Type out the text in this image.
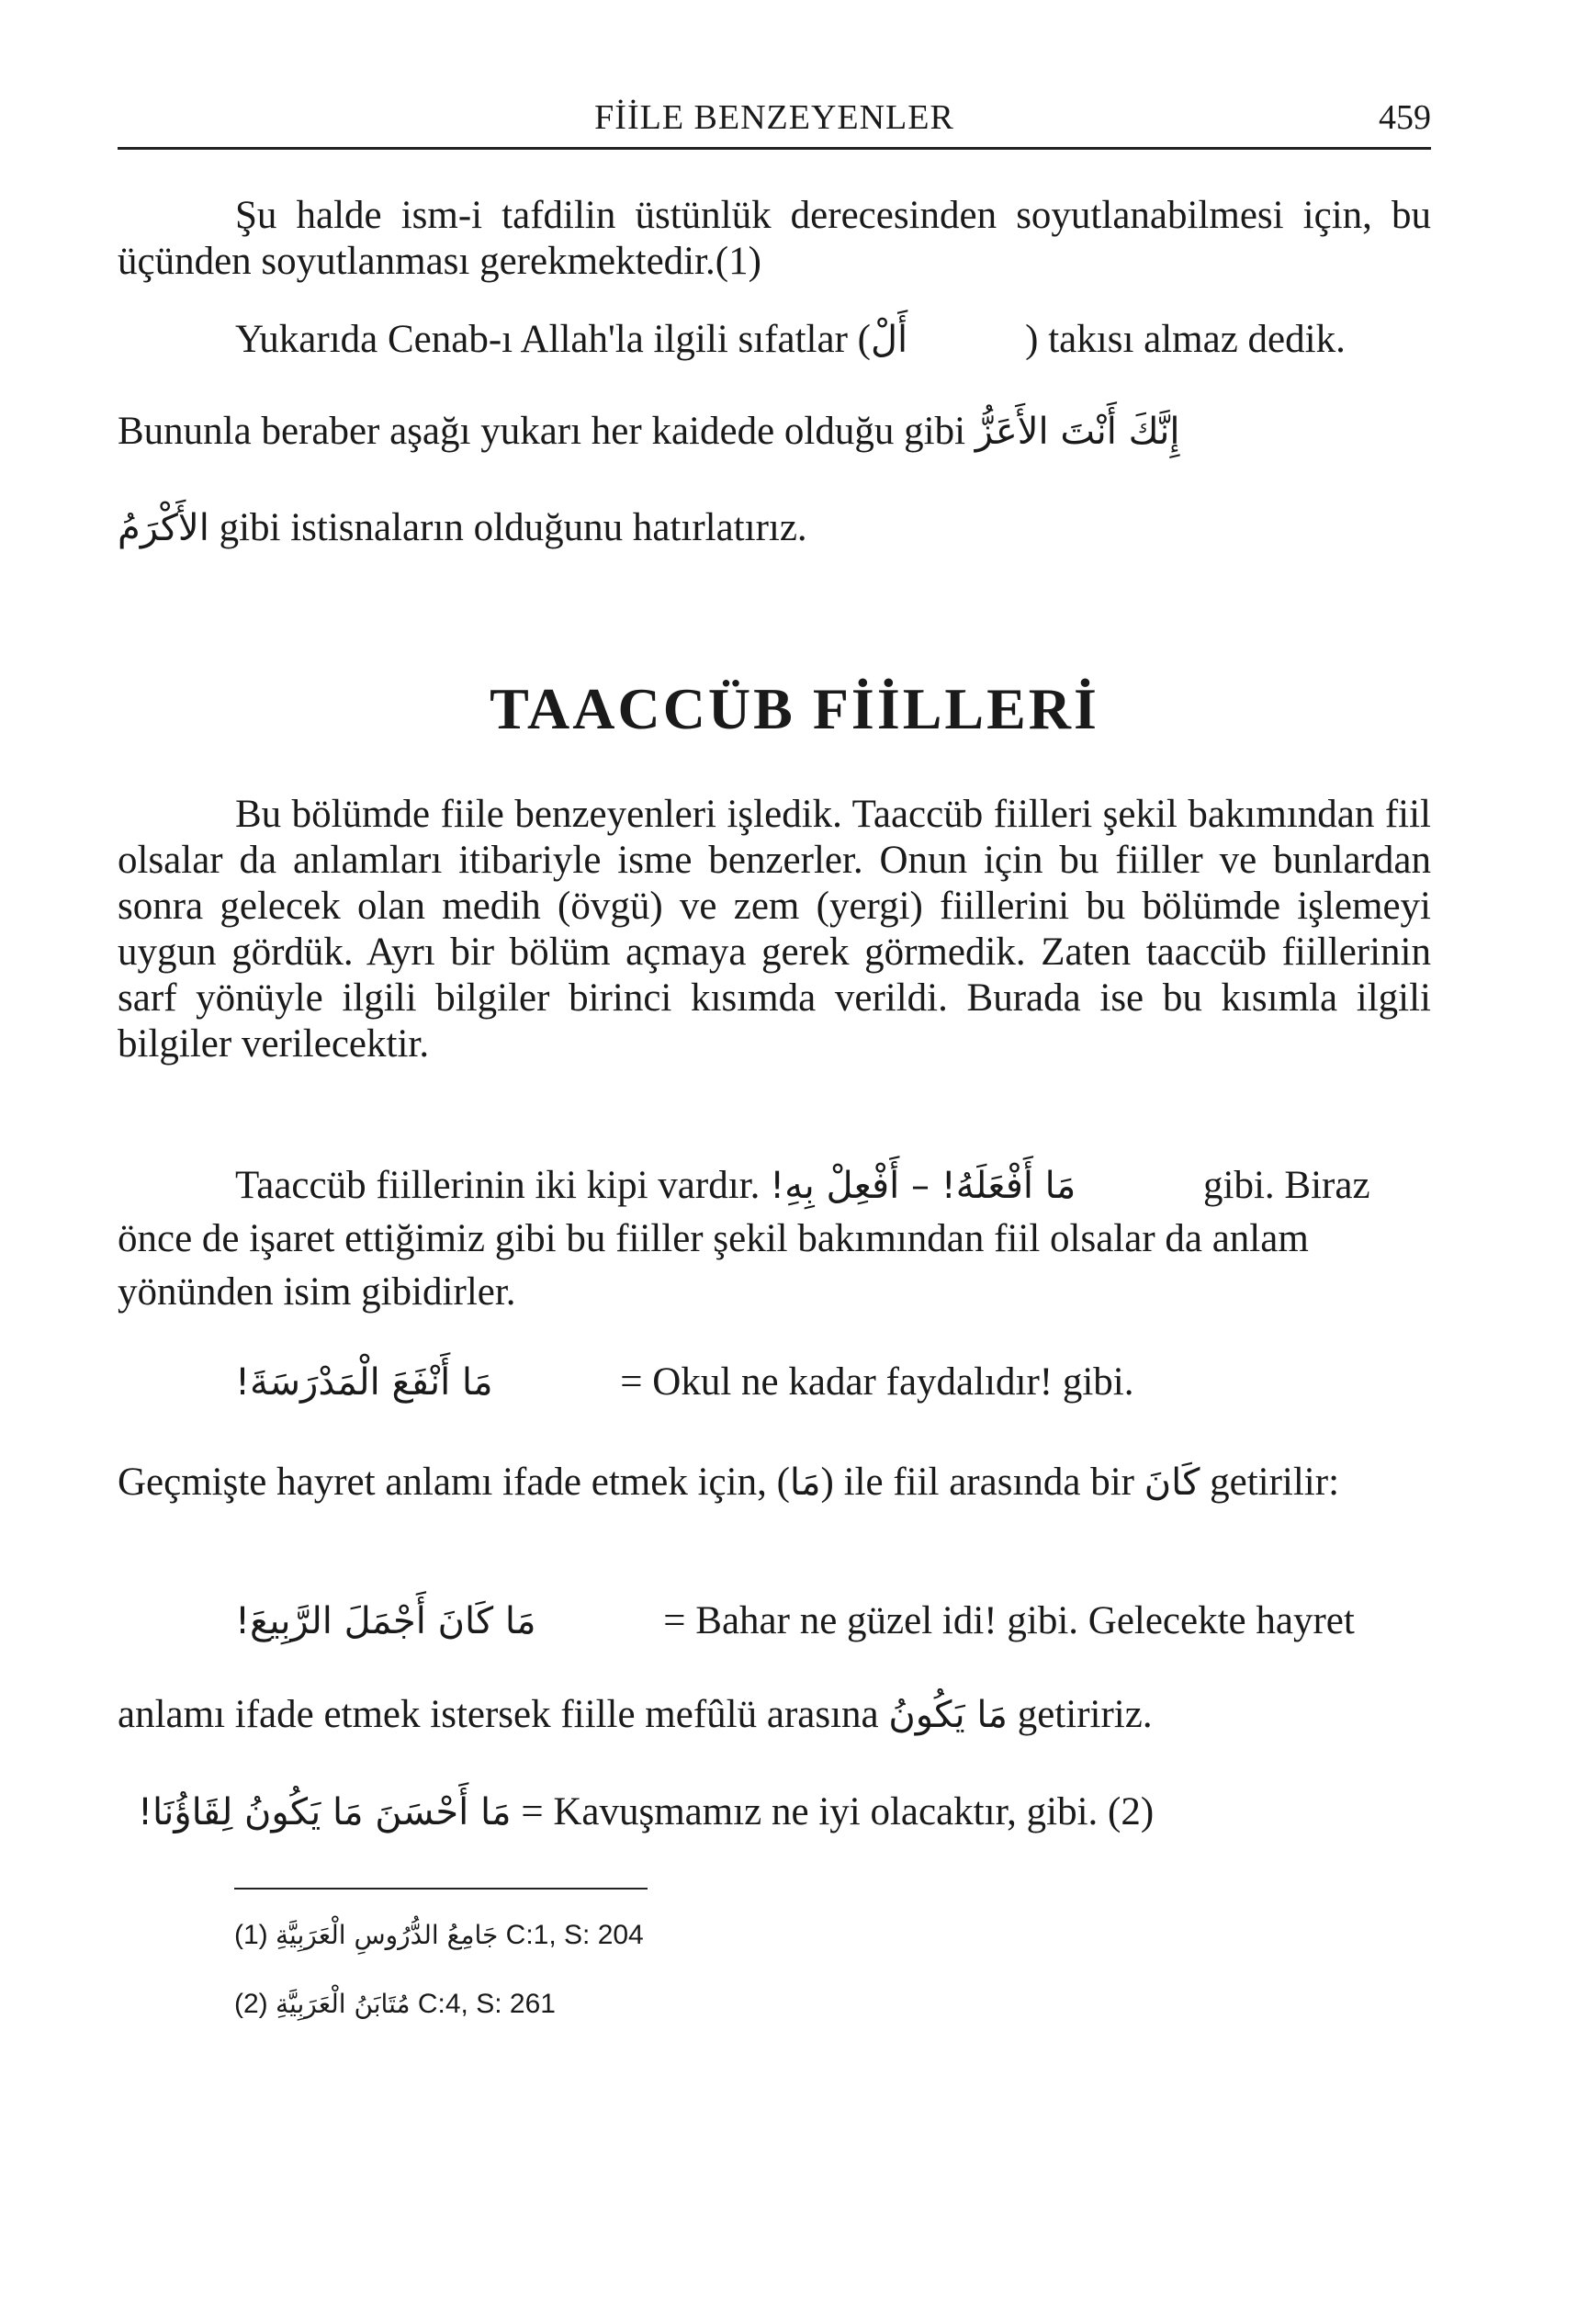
FİİLE BENZEYENLER	459
Şu halde ism-i tafdilin üstünlük derecesinden soyutlanabilmesi için, bu üçünden soyutlanması gerekmektedir.(1)
Yukarıda Cenab-ı Allah'la ilgili sıfatlar (أَلْ	) takısı almaz dedik.
Bununla beraber aşağı yukarı her kaidede olduğu gibi إِنَّكَ أَنْتَ الأَعَزُّ
الأَكْرَمُ gibi istisnaların olduğunu hatırlatırız.
TAACCÜB FİİLLERİ
Bu bölümde fiile benzeyenleri işledik. Taaccüb fiilleri şekil bakımından fiil olsalar da anlamları itibariyle isme benzerler. Onun için bu fiiller ve bunlardan sonra gelecek olan medih (övgü) ve zem (yergi) fiillerini bu bölümde işlemeyi uygun gördük. Ayrı bir bölüm açmaya gerek görmedik. Zaten taaccüb fiillerinin sarf yönüyle ilgili bilgiler birinci kısımda verildi. Burada ise bu kısımla ilgili bilgiler verilecektir.
Taaccüb fiillerinin iki kipi vardır. مَا أَفْعَلَهُ! – أَفْعِلْ بِهِ!	gibi. Biraz önce de işaret ettiğimiz gibi bu fiiller şekil bakımından fiil olsalar da anlam yönünden isim gibidirler.
مَا أَنْفَعَ الْمَدْرَسَةَ!	= Okul ne kadar faydalıdır! gibi.
Geçmişte hayret anlamı ifade etmek için, (مَا) ile fiil arasında bir كَانَ getirilir:
مَا كَانَ أَجْمَلَ الرَّبِيعَ!	= Bahar ne güzel idi! gibi. Gelecekte hayret
anlamı ifade etmek istersek fiille mefûlü arasına مَا يَكُونُ getiririz.
مَا أَحْسَنَ مَا يَكُونُ لِقَاؤُنَا! = Kavuşmamız ne iyi olacaktır, gibi. (2)
(1) جَامِعُ الدُّرُوسِ الْعَرَبِيَّةِ C:1, S: 204
(2) مُتَابَنُ الْعَرَبِيَّةِ C:4, S: 261
